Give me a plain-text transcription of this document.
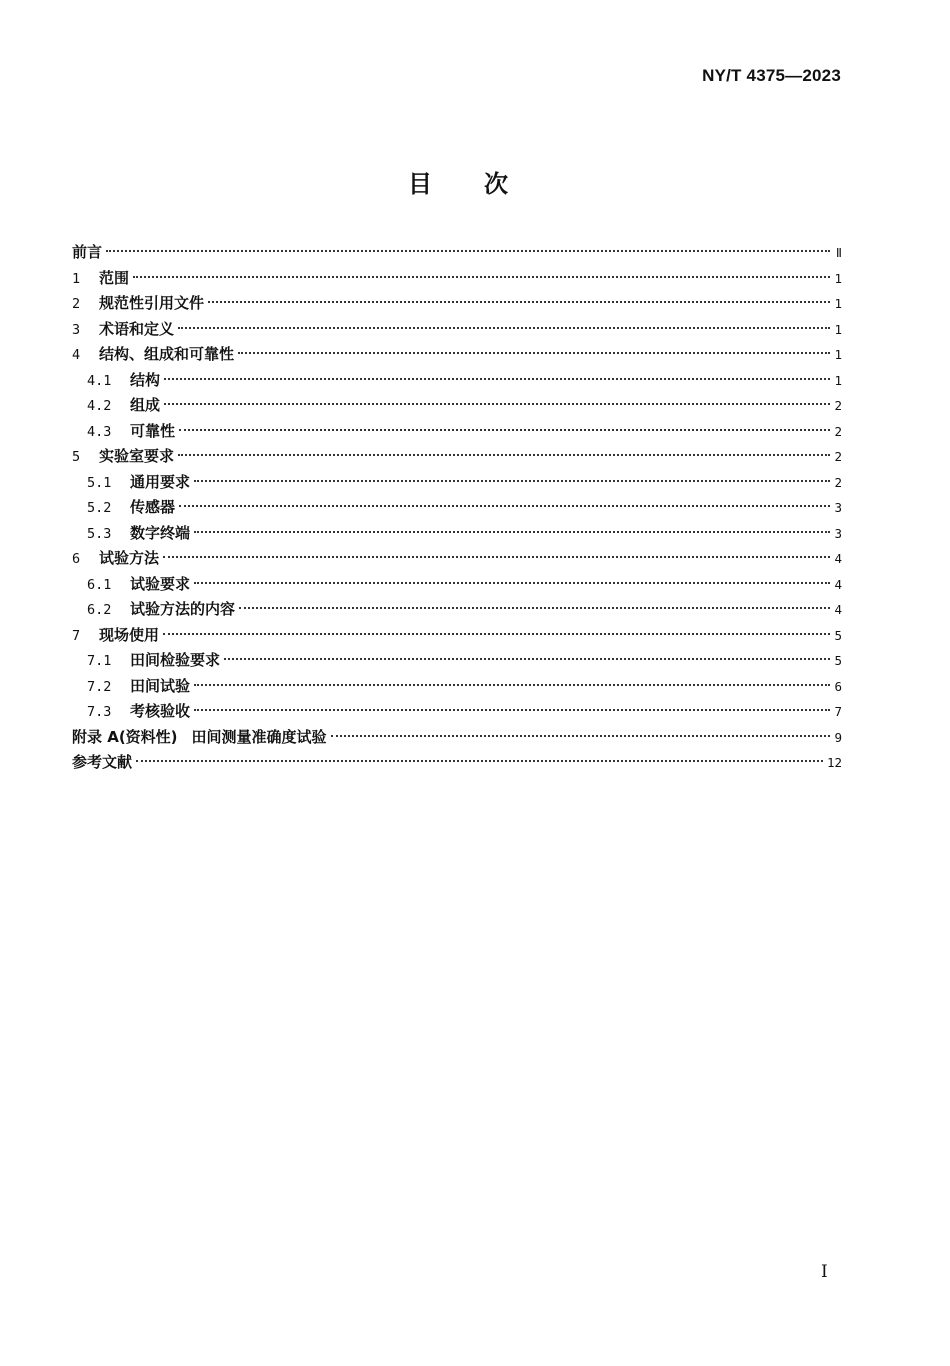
NY/T 4375—2023
目次
前言	Ⅱ
1	范围	1
2	规范性引用文件	1
3	术语和定义	1
4	结构、组成和可靠性	1
4.1	结构	1
4.2	组成	2
4.3	可靠性	2
5	实验室要求	2
5.1	通用要求	2
5.2	传感器	3
5.3	数字终端	3
6	试验方法	4
6.1	试验要求	4
6.2	试验方法的内容	4
7	现场使用	5
7.1	田间检验要求	5
7.2	田间试验	6
7.3	考核验收	7
附录 A(资料性) 田间测量准确度试验	9
参考文献	12
I
